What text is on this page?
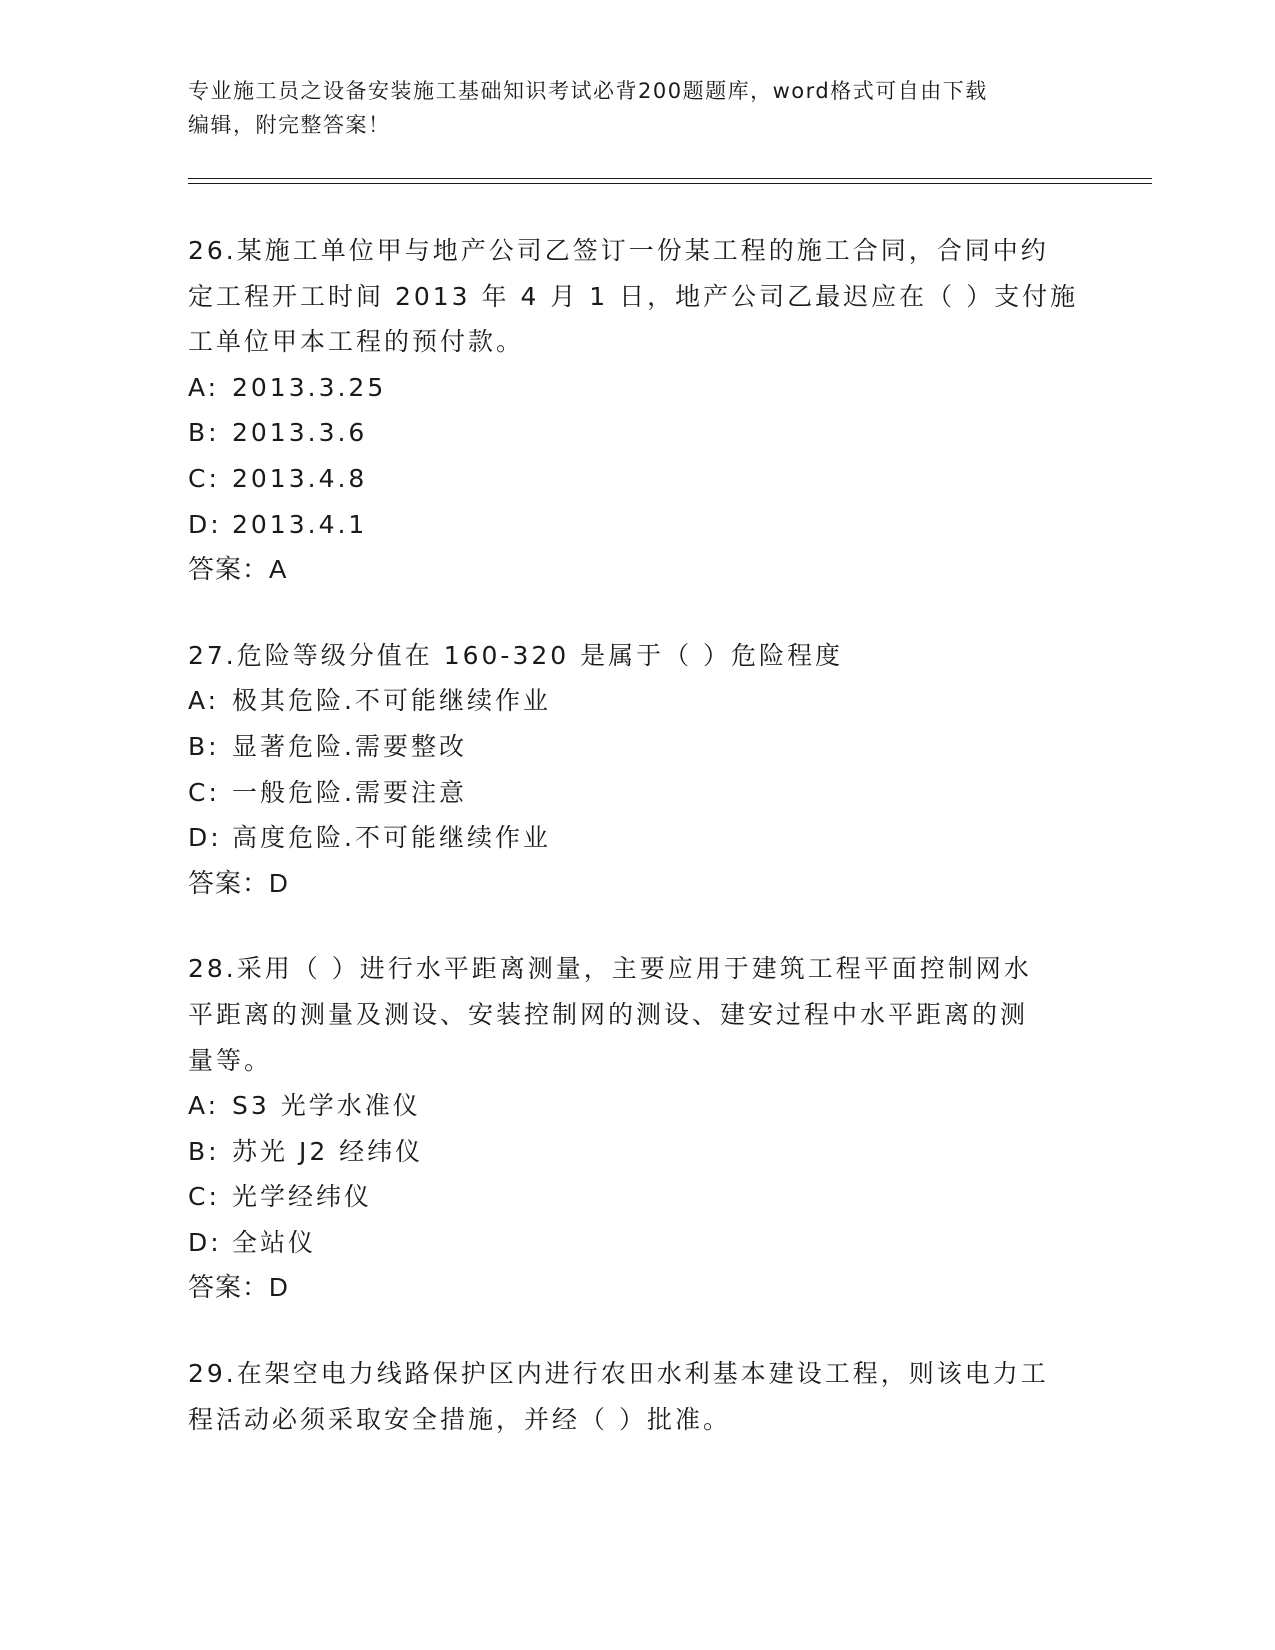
专业施工员之设备安装施工基础知识考试必背200题题库，word格式可自由下载
编辑，附完整答案！
26.某施工单位甲与地产公司乙签订一份某工程的施工合同，合同中约
定工程开工时间 2013 年 4 月 1 日，地产公司乙最迟应在（ ）支付施
工单位甲本工程的预付款。
A: 2013.3.25
B: 2013.3.6
C: 2013.4.8
D: 2013.4.1
答案：A
27.危险等级分值在 160-320 是属于（ ）危险程度
A: 极其危险.不可能继续作业
B: 显著危险.需要整改
C: 一般危险.需要注意
D: 高度危险.不可能继续作业
答案：D
28.采用（ ）进行水平距离测量，主要应用于建筑工程平面控制网水
平距离的测量及测设、安装控制网的测设、建安过程中水平距离的测
量等。
A: S3 光学水准仪
B: 苏光 J2 经纬仪
C: 光学经纬仪
D: 全站仪
答案：D
29.在架空电力线路保护区内进行农田水利基本建设工程，则该电力工
程活动必须采取安全措施，并经（ ）批准。
